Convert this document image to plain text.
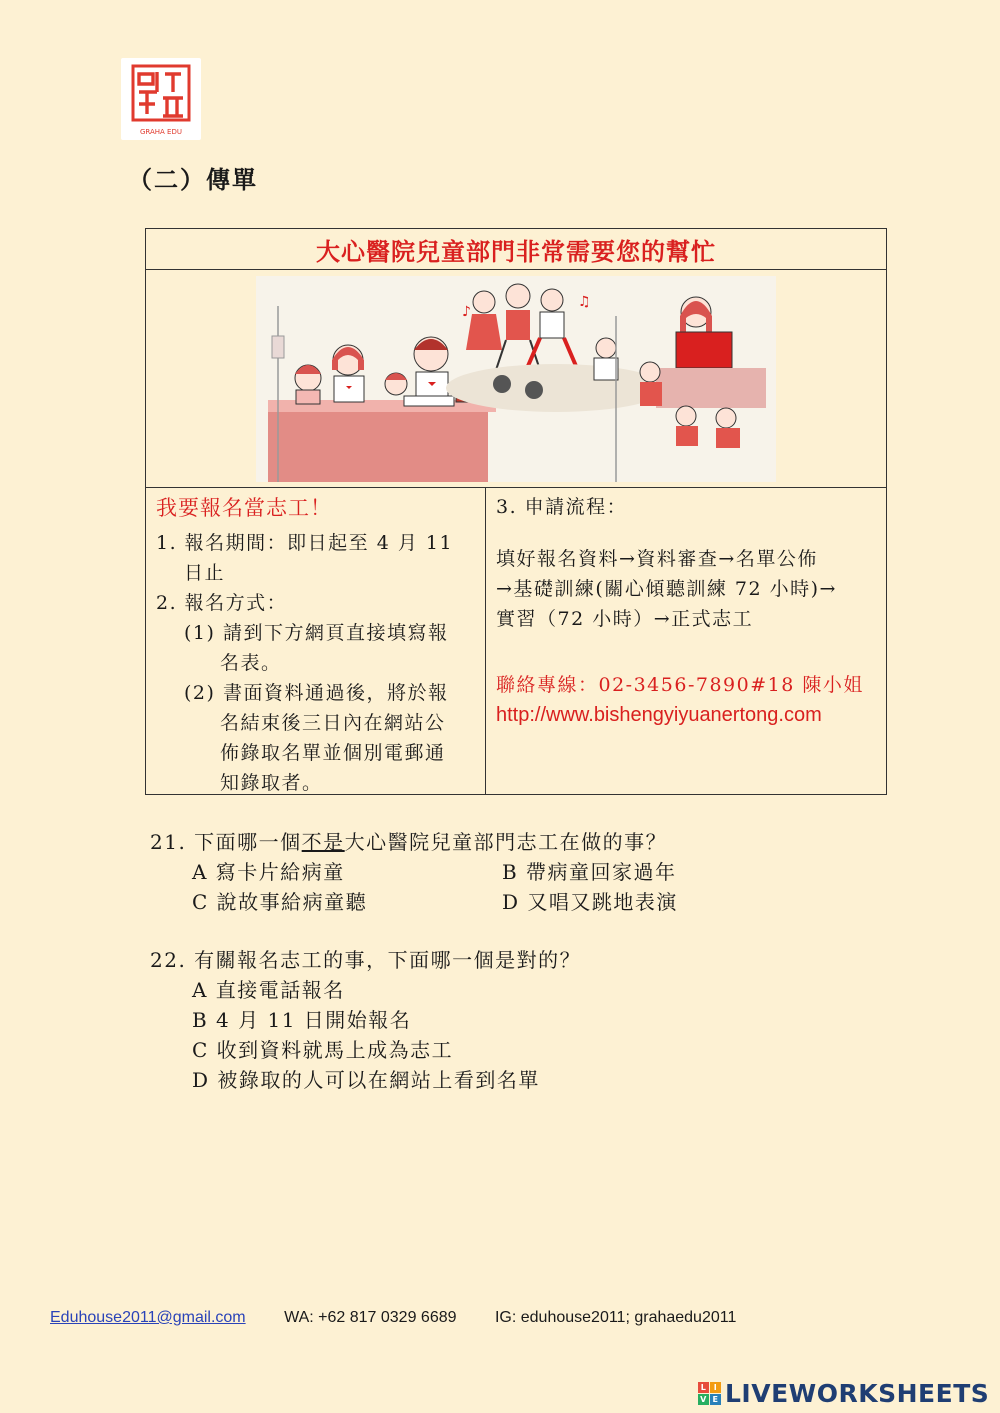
GRAHA EDU
（二）傳單
大心醫院兒童部門非常需要您的幫忙
♪
♫
我要報名當志工！
1. 報名期間：即日起至 4 月 11
日止
2. 報名方式：
(1) 請到下方網頁直接填寫報
名表。
(2) 書面資料通過後，將於報
名結束後三日內在網站公
佈錄取名單並個別電郵通
知錄取者。
3. 申請流程：
填好報名資料→資料審查→名單公佈
→基礎訓練(關心傾聽訓練 72 小時)→
實習（72 小時）→正式志工
聯絡專線：02-3456-7890#18 陳小姐
http://www.bishengyiyuanertong.com
21. 下面哪一個 不是 大心醫院兒童部門志工在做的事？
A 寫卡片給病童	B 帶病童回家過年
C 說故事給病童聽	D 又唱又跳地表演
22. 有關報名志工的事，下面哪一個是對的？
A 直接電話報名
B 4 月 11 日開始報名
C 收到資料就馬上成為志工
D 被錄取的人可以在網站上看到名單
Eduhouse2011@gmail.com WA: +62 817 0329 6689 IG: eduhouse2011; grahaedu2011
L I
V E LIVEWORKSHEETS
